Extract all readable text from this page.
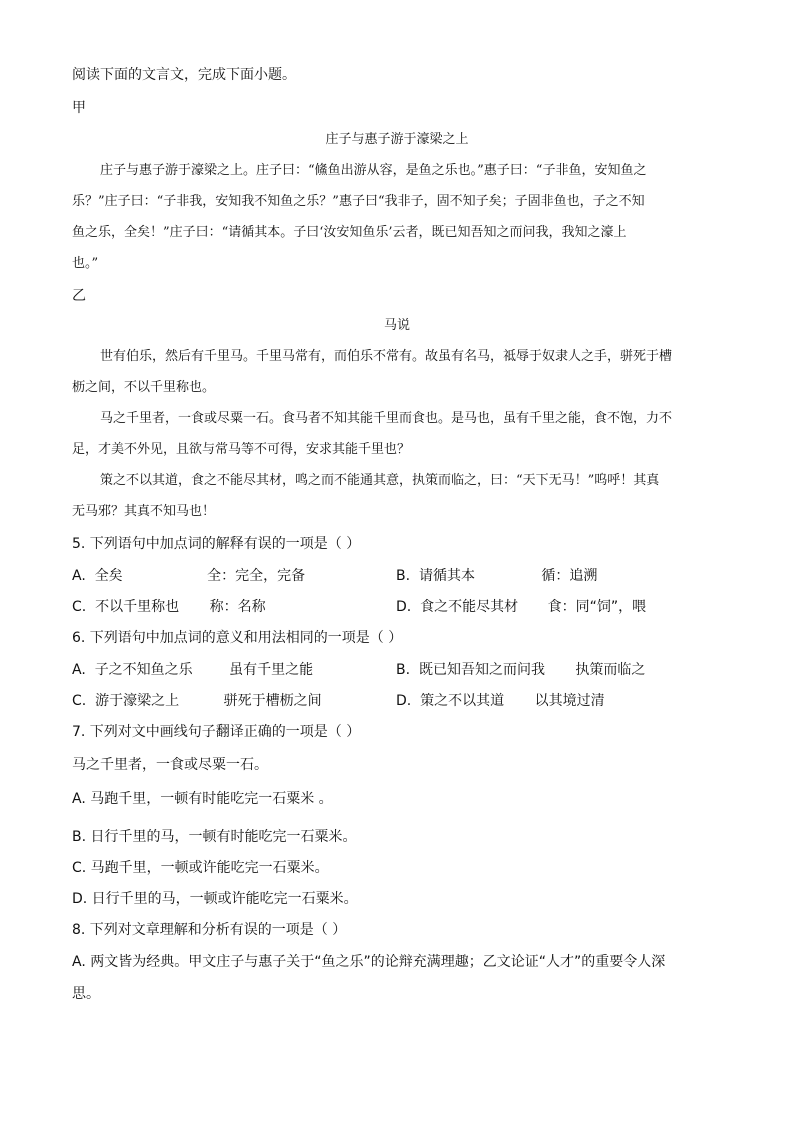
阅读下面的文言文，完成下面小题。
甲
庄子与惠子游于濠梁之上
庄子与惠子游于濠梁之上。庄子曰：“鯈鱼出游从容，是鱼之乐也。”惠子曰：“子非鱼，安知鱼之
乐？”庄子曰：“子非我，安知我不知鱼之乐？”惠子曰“我非子，固不知子矣；子固非鱼也，子之不知
鱼之乐，全矣！”庄子曰：“请循其本。子曰‘汝安知鱼乐’云者，既已知吾知之而问我，我知之濠上
也。”
乙
马说
世有伯乐，然后有千里马。千里马常有，而伯乐不常有。故虽有名马，祗辱于奴隶人之手，骈死于槽
枥之间，不以千里称也。
马之千里者，一食或尽粟一石。食马者不知其能千里而食也。是马也，虽有千里之能，食不饱，力不
足，才美不外见，且欲与常马等不可得，安求其能千里也？
策之不以其道，食之不能尽其材，鸣之而不能通其意，执策而临之，曰：“天下无马！”呜呼！其真
无马邪？其真不知马也！
5. 下列语句中加点词的解释有误的一项是（ ）
A. 全矣	全：完全，完备	B. 请循其本	循：追溯
C. 不以千里称也 称：名称	D. 食之不能尽其材 食：同“饲”，喂
6. 下列语句中加点词的意义和用法相同的一项是（ ）
A. 子之不知鱼之乐	虽有千里之能	B. 既已知吾知之而问我 执策而临之
C. 游于濠梁之上	骈死于槽枥之间	D. 策之不以其道 以其境过清
7. 下列对文中画线句子翻译正确的一项是（ ）
马之千里者，一食或尽粟一石。
A. 马跑千里，一顿有时能吃完一石粟米 。
B. 日行千里的马，一顿有时能吃完一石粟米。
C. 马跑千里，一顿或许能吃完一石粟米。
D. 日行千里的马，一顿或许能吃完一石粟米。
8. 下列对文章理解和分析有误的一项是（ ）
A. 两文皆为经典。甲文庄子与惠子关于“鱼之乐”的论辩充满理趣；乙文论证“人才”的重要令人深
思。
